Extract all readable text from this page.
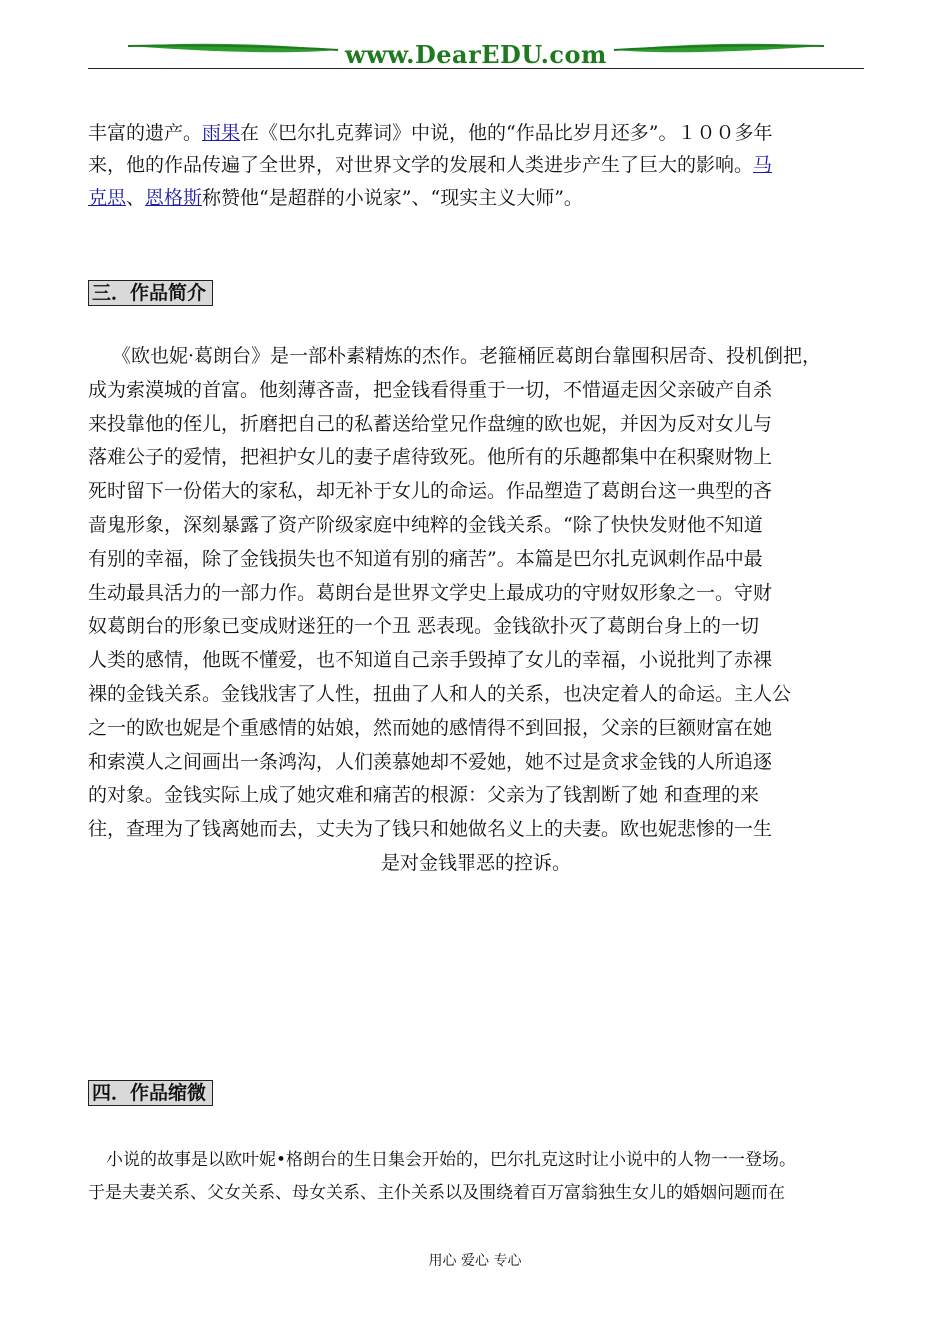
www.DearEDU.com
丰富的遗产。雨果在《巴尔扎克葬词》中说，他的“作品比岁月还多”。１００多年
来，他的作品传遍了全世界，对世界文学的发展和人类进步产生了巨大的影响。马
克思、恩格斯称赞他“是超群的小说家”、“现实主义大师”。
三．作品简介
《欧也妮·葛朗台》是一部朴素精炼的杰作。老箍桶匠葛朗台靠囤积居奇、投机倒把，
成为索漠城的首富。他刻薄吝啬，把金钱看得重于一切，不惜逼走因父亲破产自杀
来投靠他的侄儿，折磨把自己的私蓄送给堂兄作盘缠的欧也妮，并因为反对女儿与
落难公子的爱情，把袒护女儿的妻子虐待致死。他所有的乐趣都集中在积聚财物上
死时留下一份偌大的家私，却无补于女儿的命运。作品塑造了葛朗台这一典型的吝
啬鬼形象，深刻暴露了资产阶级家庭中纯粹的金钱关系。“除了快快发财他不知道
有别的幸福，除了金钱损失也不知道有别的痛苦”。本篇是巴尔扎克讽刺作品中最
生动最具活力的一部力作。葛朗台是世界文学史上最成功的守财奴形象之一。守财
奴葛朗台的形象已变成财迷狂的一个丑 恶表现。金钱欲扑灭了葛朗台身上的一切
人类的感情，他既不懂爱，也不知道自己亲手毁掉了女儿的幸福，小说批判了赤裸
裸的金钱关系。金钱戕害了人性，扭曲了人和人的关系，也决定着人的命运。主人公
之一的欧也妮是个重感情的姑娘，然而她的感情得不到回报，父亲的巨额财富在她
和索漠人之间画出一条鸿沟，人们羡慕她却不爱她，她不过是贪求金钱的人所追逐
的对象。金钱实际上成了她灾难和痛苦的根源：父亲为了钱割断了她 和查理的来
往，查理为了钱离她而去，丈夫为了钱只和她做名义上的夫妻。欧也妮悲惨的一生
是对金钱罪恶的控诉。
四．作品缩微
小说的故事是以欧叶妮•格朗台的生日集会开始的，巴尔扎克这时让小说中的人物一一登场。
于是夫妻关系、父女关系、母女关系、主仆关系以及围绕着百万富翁独生女儿的婚姻问题而在
用心 爱心 专心
